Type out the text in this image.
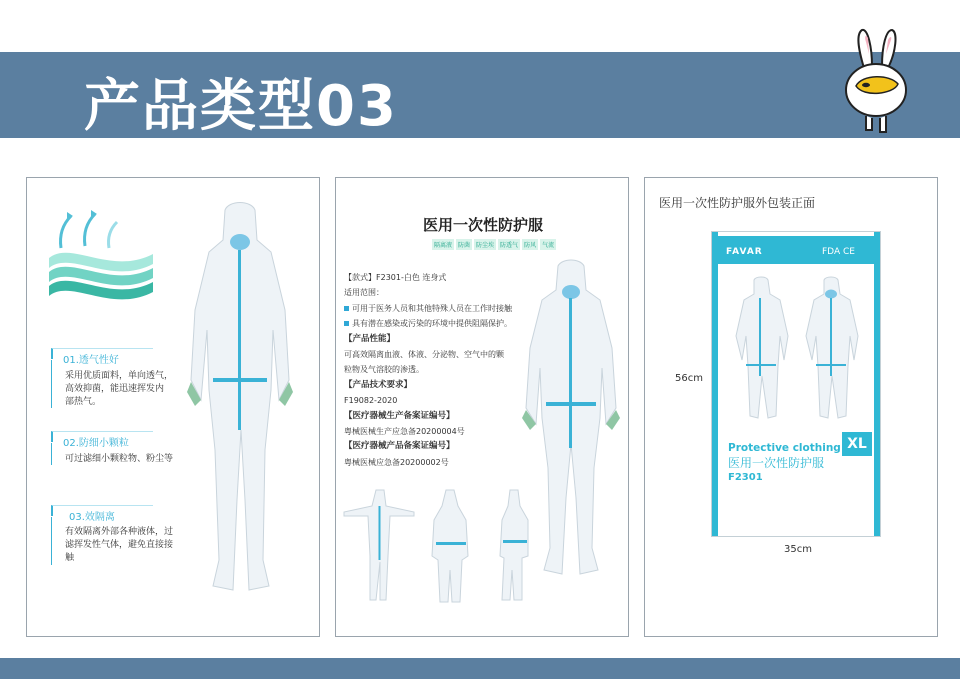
产品类型03
01.透气性好
采用优质面料，单向透气，
高效抑菌，能迅速挥发内
部热气。
02.防细小颗粒
可过滤细小颗粒物、粉尘等
03.效隔离
有效隔离外部各种液体，过
滤挥发性气体，避免直接接
触
医用一次性防护服
隔离液	防菌	防尘埃	防透气	防风	气流
【款式】F2301-白色 连身式
适用范围：
可用于医务人员和其他特殊人员在工作时接触
具有潜在感染或污染的环境中提供阻隔保护。
【产品性能】
可高效隔离血液、体液、分泌物、空气中的颗
粒物及气溶胶的渗透。
【产品技术要求】
F19082-2020
【医疗器械生产备案证编号】
粤械医械生产应急备20200004号
【医疗器械产品备案证编号】
粤械医械应急备20200002号
医用一次性防护服外包装正面
56cm
35cm
FAVAR	FDA CE
Protective clothing
医用一次性防护服
F2301
XL
